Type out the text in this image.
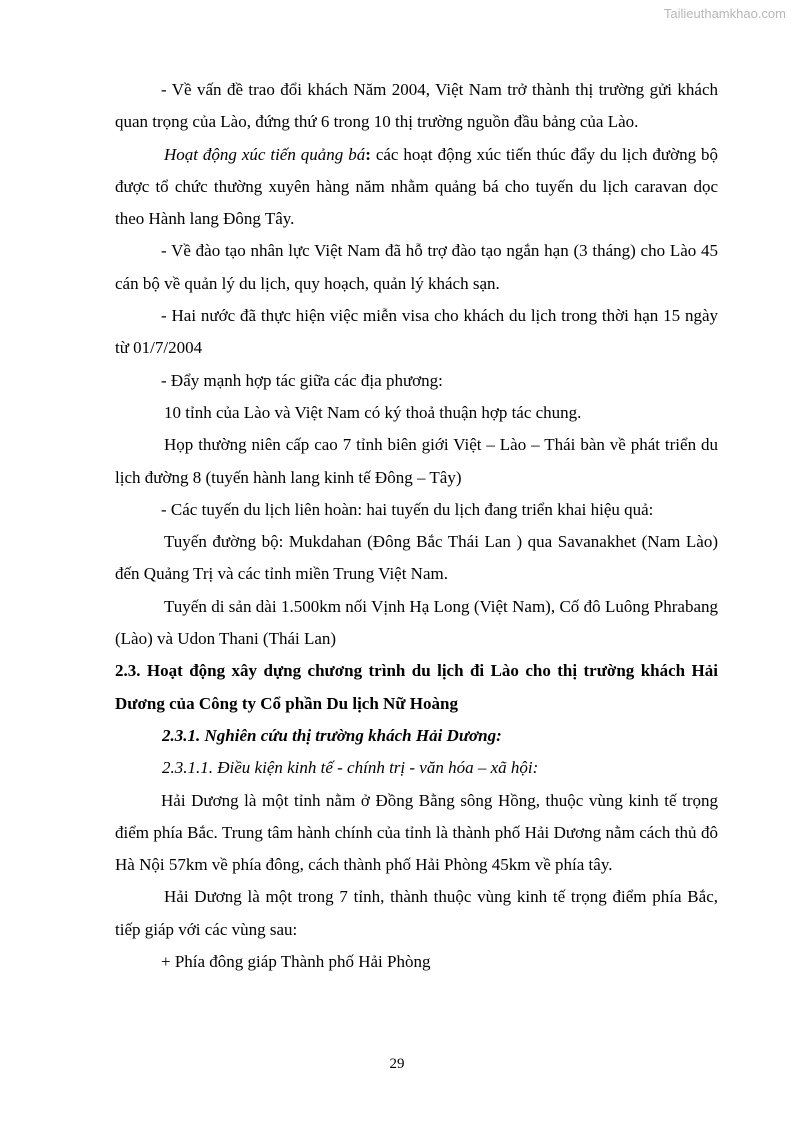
Tailieuthamkhao.com

- Về vấn đề trao đổi khách Năm 2004, Việt Nam trở thành thị trường gửi khách quan trọng của Lào, đứng thứ 6 trong 10 thị trường nguồn đầu bảng của Lào.

Hoạt động xúc tiến quảng bá: các hoạt động xúc tiến thúc đẩy du lịch đường bộ được tổ chức thường xuyên hàng năm nhằm quảng bá cho tuyến du lịch caravan dọc theo Hành lang Đông Tây.

- Về đào tạo nhân lực Việt Nam đã hỗ trợ đào tạo ngắn hạn (3 tháng) cho Lào 45 cán bộ về quản lý du lịch, quy hoạch, quản lý khách sạn.

- Hai nước đã thực hiện việc miễn visa cho khách du lịch trong thời hạn 15 ngày từ 01/7/2004

- Đẩy mạnh hợp tác giữa các địa phương:

10 tỉnh của Lào và Việt Nam có ký thoả thuận hợp tác chung.

Họp thường niên cấp cao 7 tỉnh biên giới Việt – Lào – Thái bàn về phát triển du lịch đường 8 (tuyến hành lang kinh tế Đông – Tây)

- Các tuyến du lịch liên hoàn: hai tuyến du lịch đang triển khai hiệu quả:

Tuyến đường bộ: Mukdahan (Đông Bắc Thái Lan ) qua Savanakhet (Nam Lào) đến Quảng Trị và các tỉnh miền Trung Việt Nam.

Tuyến di sản dài 1.500km nối Vịnh Hạ Long (Việt Nam), Cố đô Luông Phrabang (Lào) và Udon Thani (Thái Lan)

2.3. Hoạt động xây dựng chương trình du lịch đi Lào cho thị trường khách Hải Dương của Công ty Cổ phần Du lịch Nữ Hoàng

2.3.1. Nghiên cứu thị trường khách Hải Dương:

2.3.1.1. Điều kiện kinh tế - chính trị - văn hóa – xã hội:

Hải Dương là một tỉnh nằm ở Đồng Bằng sông Hồng, thuộc vùng kinh tế trọng điểm phía Bắc. Trung tâm hành chính của tỉnh là thành phố Hải Dương nằm cách thủ đô Hà Nội 57km về phía đông, cách thành phố Hải Phòng 45km về phía tây.

Hải Dương là một trong 7 tỉnh, thành thuộc vùng kinh tế trọng điểm phía Bắc, tiếp giáp với các vùng sau:

+ Phía đông giáp Thành phố Hải Phòng

29
